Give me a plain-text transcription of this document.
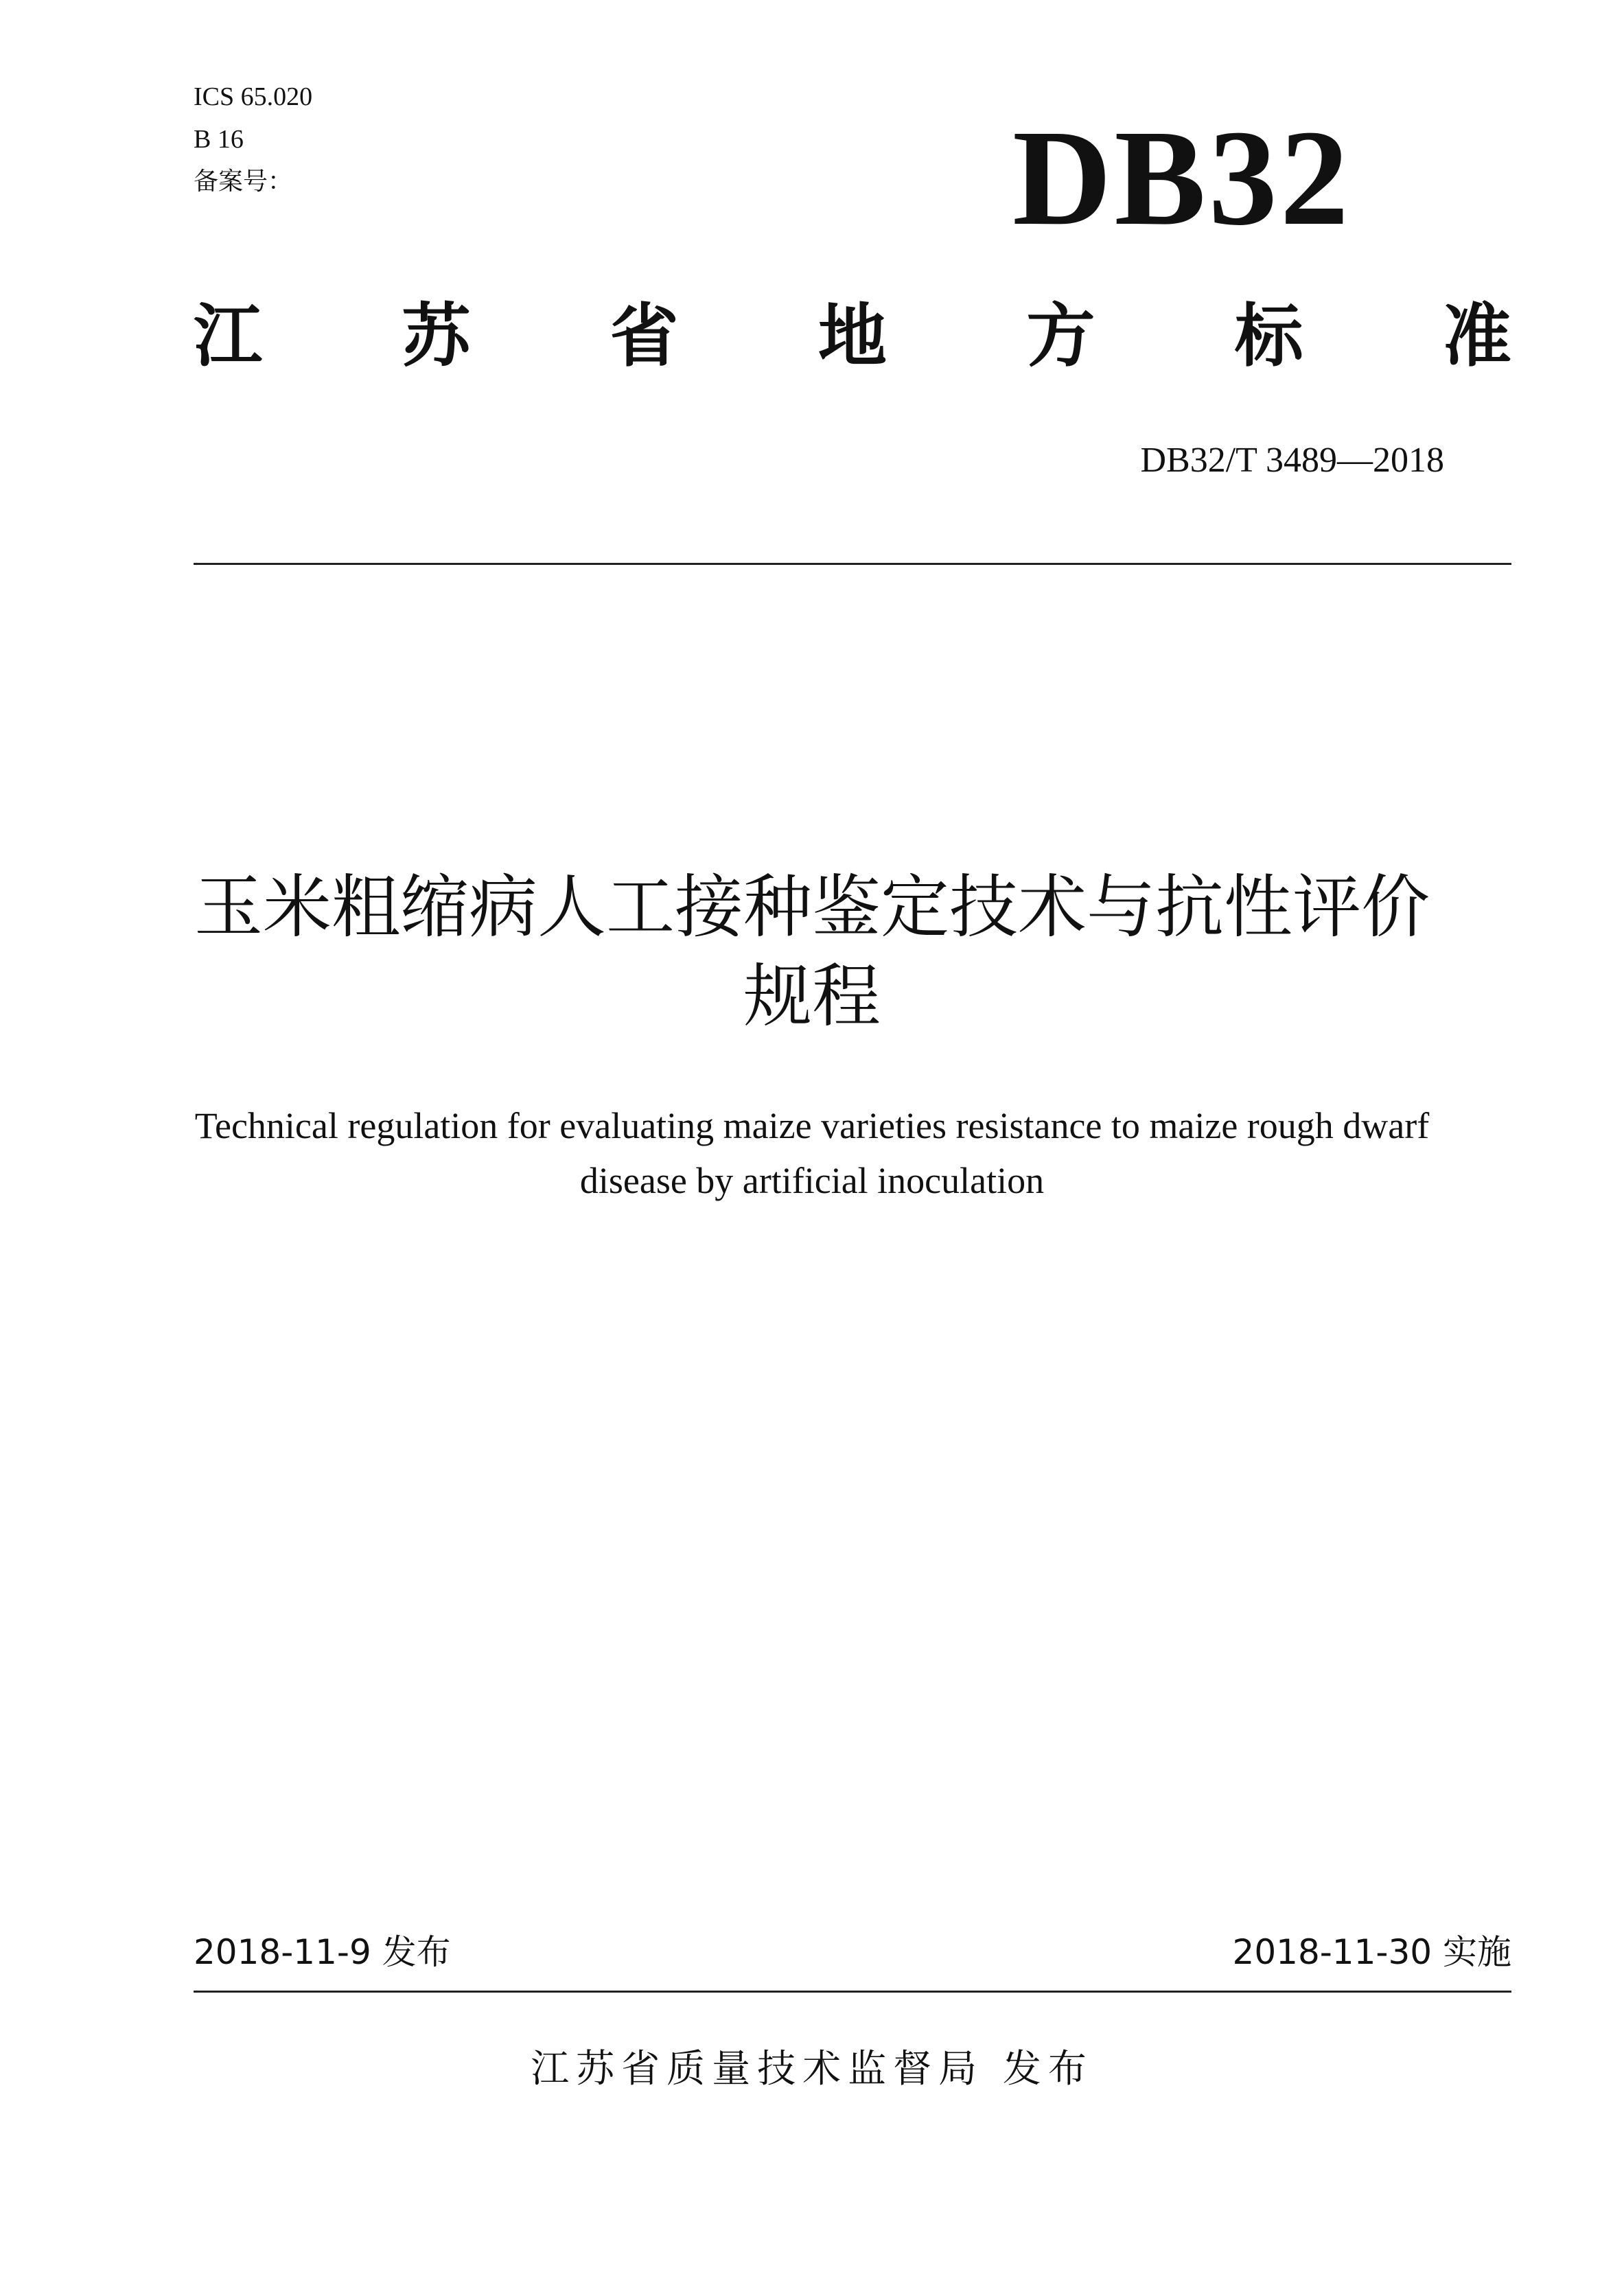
ICS 65.020
B 16
备案号：	DB32
江 苏 省 地 方 标 准
DB32/T 3489—2018
玉米粗缩病人工接种鉴定技术与抗性评价
规程
Technical regulation for evaluating maize varieties resistance to maize rough dwarf
disease by artificial inoculation
2018-11-9 发布	2018-11-30 实施
江苏省质量技术监督局 发布
